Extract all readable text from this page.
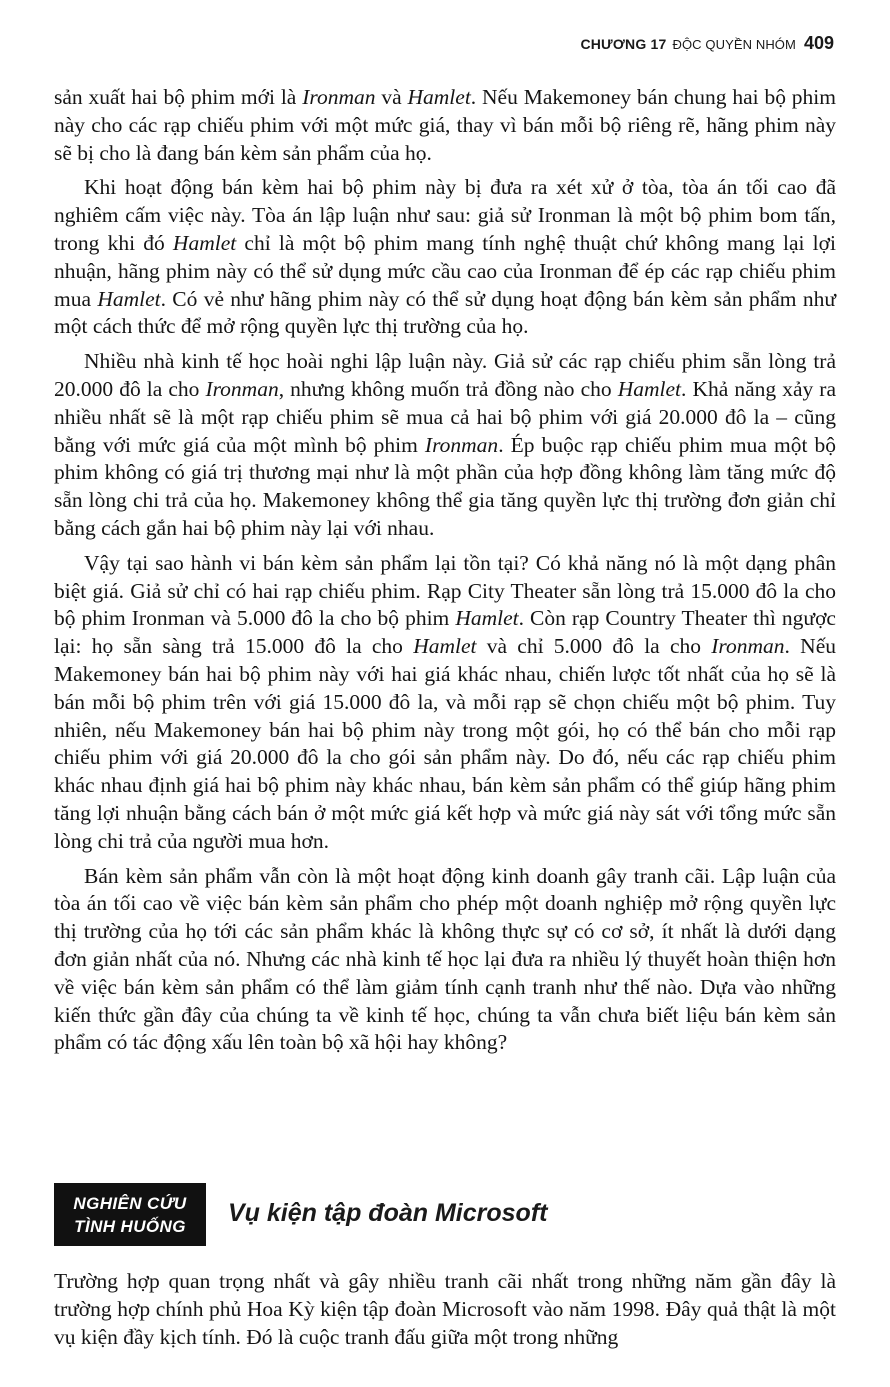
CHƯƠNG 17 ĐỘC QUYỀN NHÓM 409

sản xuất hai bộ phim mới là Ironman và Hamlet. Nếu Makemoney bán chung hai bộ phim này cho các rạp chiếu phim với một mức giá, thay vì bán mỗi bộ riêng rẽ, hãng phim này sẽ bị cho là đang bán kèm sản phẩm của họ.

Khi hoạt động bán kèm hai bộ phim này bị đưa ra xét xử ở tòa, tòa án tối cao đã nghiêm cấm việc này. Tòa án lập luận như sau: giả sử Ironman là một bộ phim bom tấn, trong khi đó Hamlet chỉ là một bộ phim mang tính nghệ thuật chứ không mang lại lợi nhuận, hãng phim này có thể sử dụng mức cầu cao của Ironman để ép các rạp chiếu phim mua Hamlet. Có vẻ như hãng phim này có thể sử dụng hoạt động bán kèm sản phẩm như một cách thức để mở rộng quyền lực thị trường của họ.

Nhiều nhà kinh tế học hoài nghi lập luận này. Giả sử các rạp chiếu phim sẵn lòng trả 20.000 đô la cho Ironman, nhưng không muốn trả đồng nào cho Hamlet. Khả năng xảy ra nhiều nhất sẽ là một rạp chiếu phim sẽ mua cả hai bộ phim với giá 20.000 đô la – cũng bằng với mức giá của một mình bộ phim Ironman. Ép buộc rạp chiếu phim mua một bộ phim không có giá trị thương mại như là một phần của hợp đồng không làm tăng mức độ sẵn lòng chi trả của họ. Makemoney không thể gia tăng quyền lực thị trường đơn giản chỉ bằng cách gắn hai bộ phim này lại với nhau.

Vậy tại sao hành vi bán kèm sản phẩm lại tồn tại? Có khả năng nó là một dạng phân biệt giá. Giả sử chỉ có hai rạp chiếu phim. Rạp City Theater sẵn lòng trả 15.000 đô la cho bộ phim Ironman và 5.000 đô la cho bộ phim Hamlet. Còn rạp Country Theater thì ngược lại: họ sẵn sàng trả 15.000 đô la cho Hamlet và chỉ 5.000 đô la cho Ironman. Nếu Makemoney bán hai bộ phim này với hai giá khác nhau, chiến lược tốt nhất của họ sẽ là bán mỗi bộ phim trên với giá 15.000 đô la, và mỗi rạp sẽ chọn chiếu một bộ phim. Tuy nhiên, nếu Makemoney bán hai bộ phim này trong một gói, họ có thể bán cho mỗi rạp chiếu phim với giá 20.000 đô la cho gói sản phẩm này. Do đó, nếu các rạp chiếu phim khác nhau định giá hai bộ phim này khác nhau, bán kèm sản phẩm có thể giúp hãng phim tăng lợi nhuận bằng cách bán ở một mức giá kết hợp và mức giá này sát với tổng mức sẵn lòng chi trả của người mua hơn.

Bán kèm sản phẩm vẫn còn là một hoạt động kinh doanh gây tranh cãi. Lập luận của tòa án tối cao về việc bán kèm sản phẩm cho phép một doanh nghiệp mở rộng quyền lực thị trường của họ tới các sản phẩm khác là không thực sự có cơ sở, ít nhất là dưới dạng đơn giản nhất của nó. Nhưng các nhà kinh tế học lại đưa ra nhiều lý thuyết hoàn thiện hơn về việc bán kèm sản phẩm có thể làm giảm tính cạnh tranh như thế nào. Dựa vào những kiến thức gần đây của chúng ta về kinh tế học, chúng ta vẫn chưa biết liệu bán kèm sản phẩm có tác động xấu lên toàn bộ xã hội hay không?

NGHIÊN CỨU
TÌNH HUỐNG Vụ kiện tập đoàn Microsoft

Trường hợp quan trọng nhất và gây nhiều tranh cãi nhất trong những năm gần đây là trường hợp chính phủ Hoa Kỳ kiện tập đoàn Microsoft vào năm 1998. Đây quả thật là một vụ kiện đầy kịch tính. Đó là cuộc tranh đấu giữa một trong những
